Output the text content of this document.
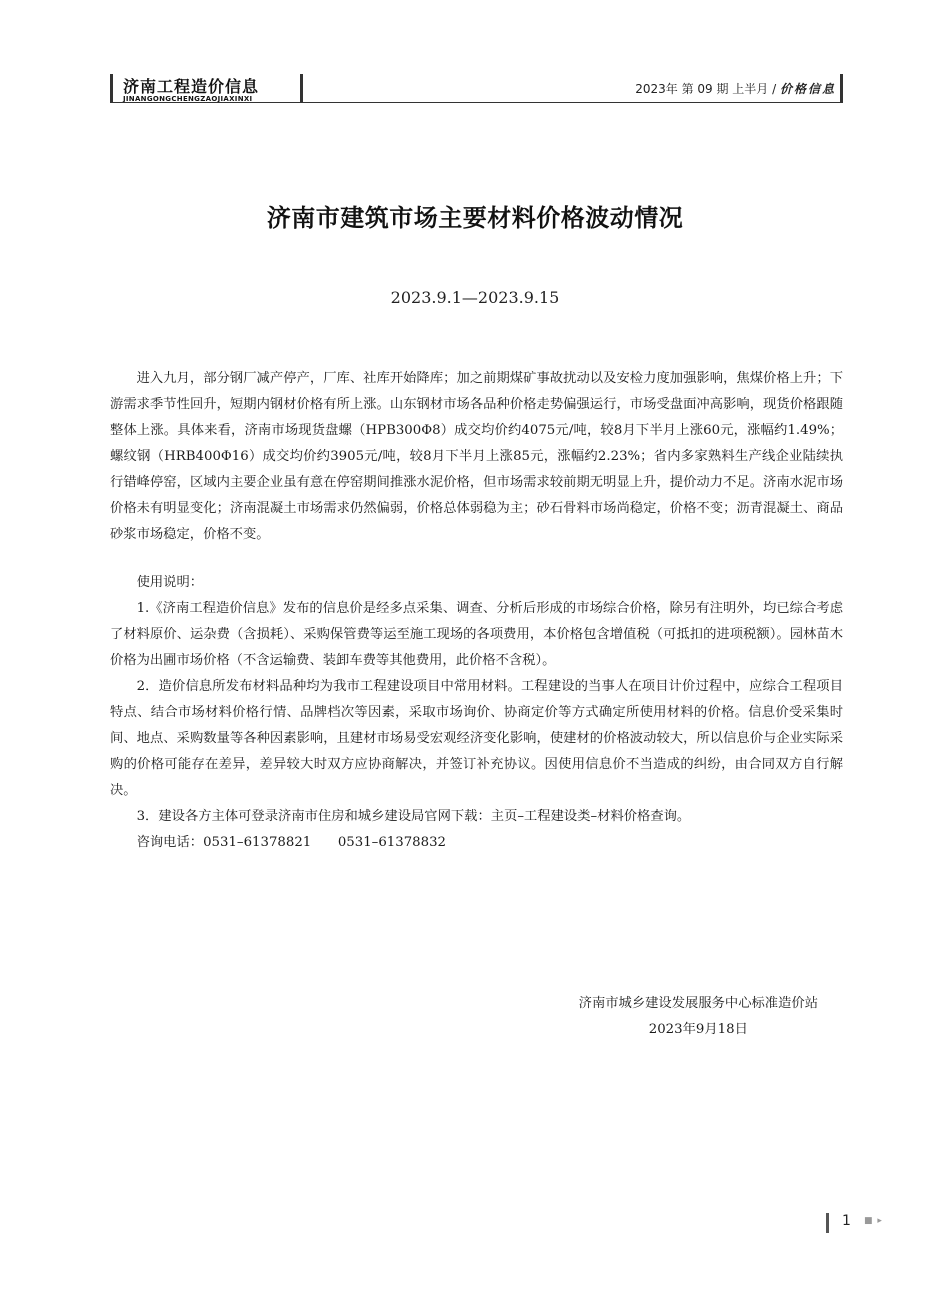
济南工程造价信息
JINANGONGCHENGZAOJIAXINXI
2023年 第 09 期 上半月 / 价格信息
济南市建筑市场主要材料价格波动情况
2023.9.1—2023.9.15

进入九月，部分钢厂减产停产，厂库、社库开始降库；加之前期煤矿事故扰动以及安检力度加强影响，焦煤价格上升；下游需求季节性回升，短期内钢材价格有所上涨。山东钢材市场各品种价格走势偏强运行，市场受盘面冲高影响，现货价格跟随整体上涨。具体来看，济南市场现货盘螺（HPB300Φ8）成交均价约4075元/吨，较8月下半月上涨60元，涨幅约1.49%；螺纹钢（HRB400Φ16）成交均价约3905元/吨，较8月下半月上涨85元，涨幅约2.23%；省内多家熟料生产线企业陆续执行错峰停窑，区域内主要企业虽有意在停窑期间推涨水泥价格，但市场需求较前期无明显上升，提价动力不足。济南水泥市场价格未有明显变化；济南混凝土市场需求仍然偏弱，价格总体弱稳为主；砂石骨料市场尚稳定，价格不变；沥青混凝土、商品砂浆市场稳定，价格不变。

使用说明：

1.《济南工程造价信息》发布的信息价是经多点采集、调查、分析后形成的市场综合价格，除另有注明外，均已综合考虑了材料原价、运杂费（含损耗）、采购保管费等运至施工现场的各项费用，本价格包含增值税（可抵扣的进项税额）。园林苗木价格为出圃市场价格（不含运输费、装卸车费等其他费用，此价格不含税）。

2．造价信息所发布材料品种均为我市工程建设项目中常用材料。工程建设的当事人在项目计价过程中，应综合工程项目特点、结合市场材料价格行情、品牌档次等因素，采取市场询价、协商定价等方式确定所使用材料的价格。信息价受采集时间、地点、采购数量等各种因素影响，且建材市场易受宏观经济变化影响，使建材的价格波动较大，所以信息价与企业实际采购的价格可能存在差异，差异较大时双方应协商解决，并签订补充协议。因使用信息价不当造成的纠纷，由合同双方自行解决。

3．建设各方主体可登录济南市住房和城乡建设局官网下载：主页–工程建设类–材料价格查询。

咨询电话：0531–61378821　　0531–61378832

济南市城乡建设发展服务中心标准造价站
2023年9月18日
1 ■ ▸
